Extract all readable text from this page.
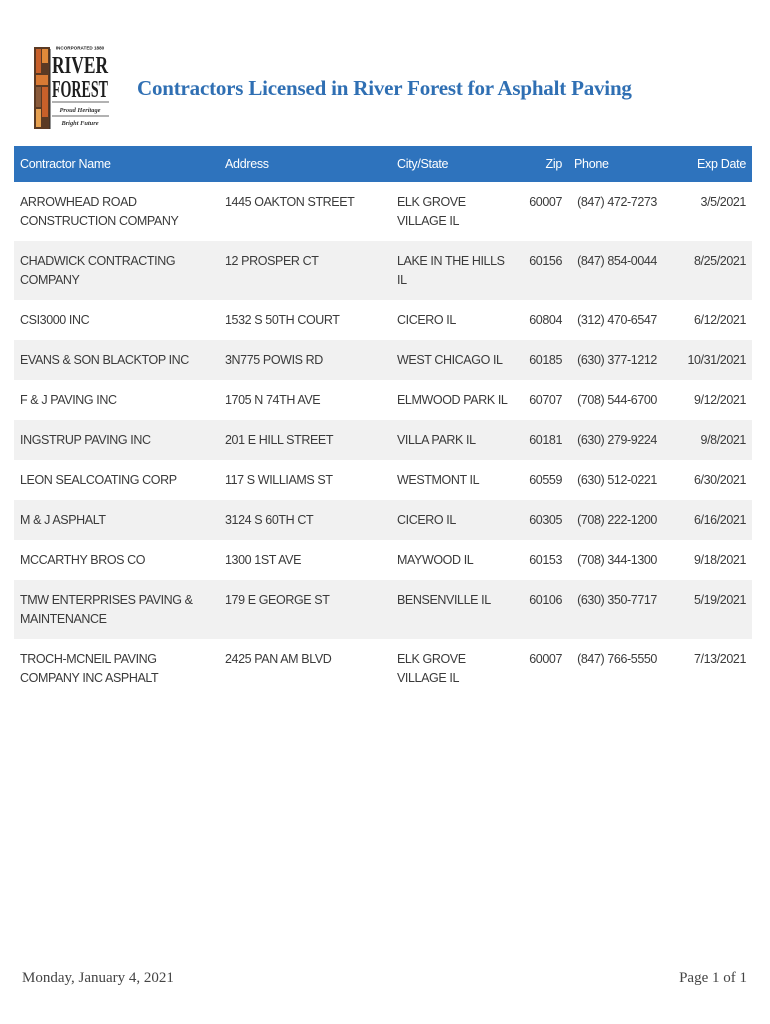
INCORPORATED 1880
RIVER
FOREST
Proud Heritage
Bright Future
Contractors Licensed in River Forest for Asphalt Paving
Contractor Name	Address	City/State	Zip	Phone	Exp Date
ARROWHEAD ROAD CONSTRUCTION COMPANY	1445 OAKTON STREET	ELK GROVE VILLAGE IL	60007	(847) 472-7273	3/5/2021
CHADWICK CONTRACTING COMPANY	12 PROSPER CT	LAKE IN THE HILLS IL	60156	(847) 854-0044	8/25/2021
CSI3000 INC	1532 S 50TH COURT	CICERO IL	60804	(312) 470-6547	6/12/2021
EVANS & SON BLACKTOP INC	3N775 POWIS RD	WEST CHICAGO IL	60185	(630) 377-1212	10/31/2021
F & J PAVING INC	1705 N 74TH AVE	ELMWOOD PARK IL	60707	(708) 544-6700	9/12/2021
INGSTRUP PAVING INC	201 E HILL STREET	VILLA PARK IL	60181	(630) 279-9224	9/8/2021
LEON SEALCOATING CORP	117 S WILLIAMS ST	WESTMONT IL	60559	(630) 512-0221	6/30/2021
M & J ASPHALT	3124 S 60TH CT	CICERO IL	60305	(708) 222-1200	6/16/2021
MCCARTHY BROS CO	1300 1ST AVE	MAYWOOD IL	60153	(708) 344-1300	9/18/2021
TMW ENTERPRISES PAVING & MAINTENANCE	179 E GEORGE ST	BENSENVILLE IL	60106	(630) 350-7717	5/19/2021
TROCH-MCNEIL PAVING COMPANY INC ASPHALT	2425 PAN AM BLVD	ELK GROVE VILLAGE IL	60007	(847) 766-5550	7/13/2021
Monday, January 4, 2021	Page 1 of 1
